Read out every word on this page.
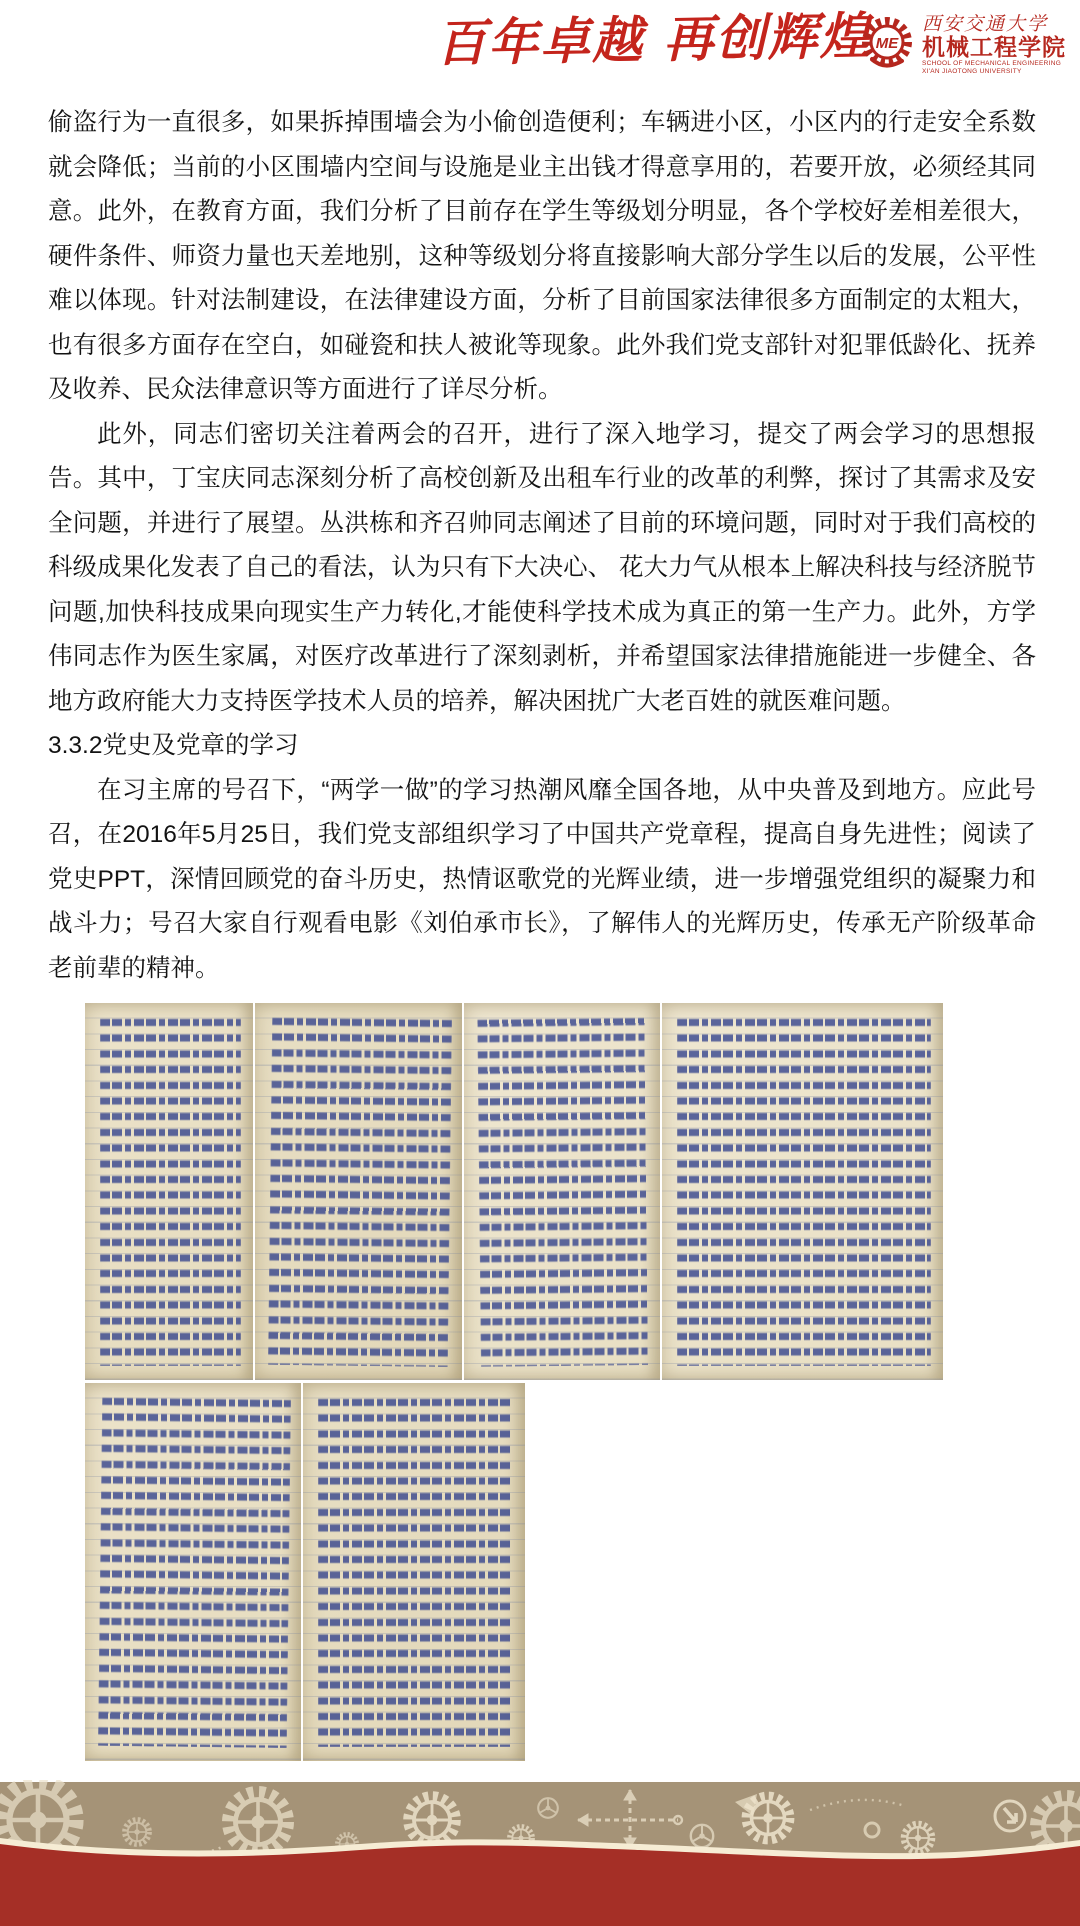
百年卓越 再创辉煌 ME
西安交通大学
机械工程学院
SCHOOL OF MECHANICAL ENGINEERING
XI'AN JIAOTONG UNIVERSITY

偷盗行为一直很多，如果拆掉围墙会为小偷创造便利；车辆进小区，小区内的行走安全系数就会降低；当前的小区围墙内空间与设施是业主出钱才得意享用的，若要开放，必须经其同意。此外，在教育方面，我们分析了目前存在学生等级划分明显，各个学校好差相差很大，硬件条件、师资力量也天差地别，这种等级划分将直接影响大部分学生以后的发展，公平性难以体现。针对法制建设，在法律建设方面，分析了目前国家法律很多方面制定的太粗大，也有很多方面存在空白，如碰瓷和扶人被讹等现象。此外我们党支部针对犯罪低龄化、抚养及收养、民众法律意识等方面进行了详尽分析。

此外，同志们密切关注着两会的召开，进行了深入地学习，提交了两会学习的思想报告。其中，丁宝庆同志深刻分析了高校创新及出租车行业的改革的利弊，探讨了其需求及安全问题，并进行了展望。丛洪栋和齐召帅同志阐述了目前的环境问题，同时对于我们高校的科级成果化发表了自己的看法，认为只有下大决心、 花大力气从根本上解决科技与经济脱节问题,加快科技成果向现实生产力转化,才能使科学技术成为真正的第一生产力。此外，方学伟同志作为医生家属，对医疗改革进行了深刻剥析，并希望国家法律措施能进一步健全、各地方政府能大力支持医学技术人员的培养，解决困扰广大老百姓的就医难问题。

3.3.2党史及党章的学习

在习主席的号召下，“两学一做”的学习热潮风靡全国各地，从中央普及到地方。应此号召，在2016年5月25日，我们党支部组织学习了中国共产党章程，提高自身先进性；阅读了党史PPT，深情回顾党的奋斗历史，热情讴歌党的光辉业绩，进一步增强党组织的凝聚力和战斗力；号召大家自行观看电影《刘伯承市长》，了解伟人的光辉历史，传承无产阶级革命老前辈的精神。
